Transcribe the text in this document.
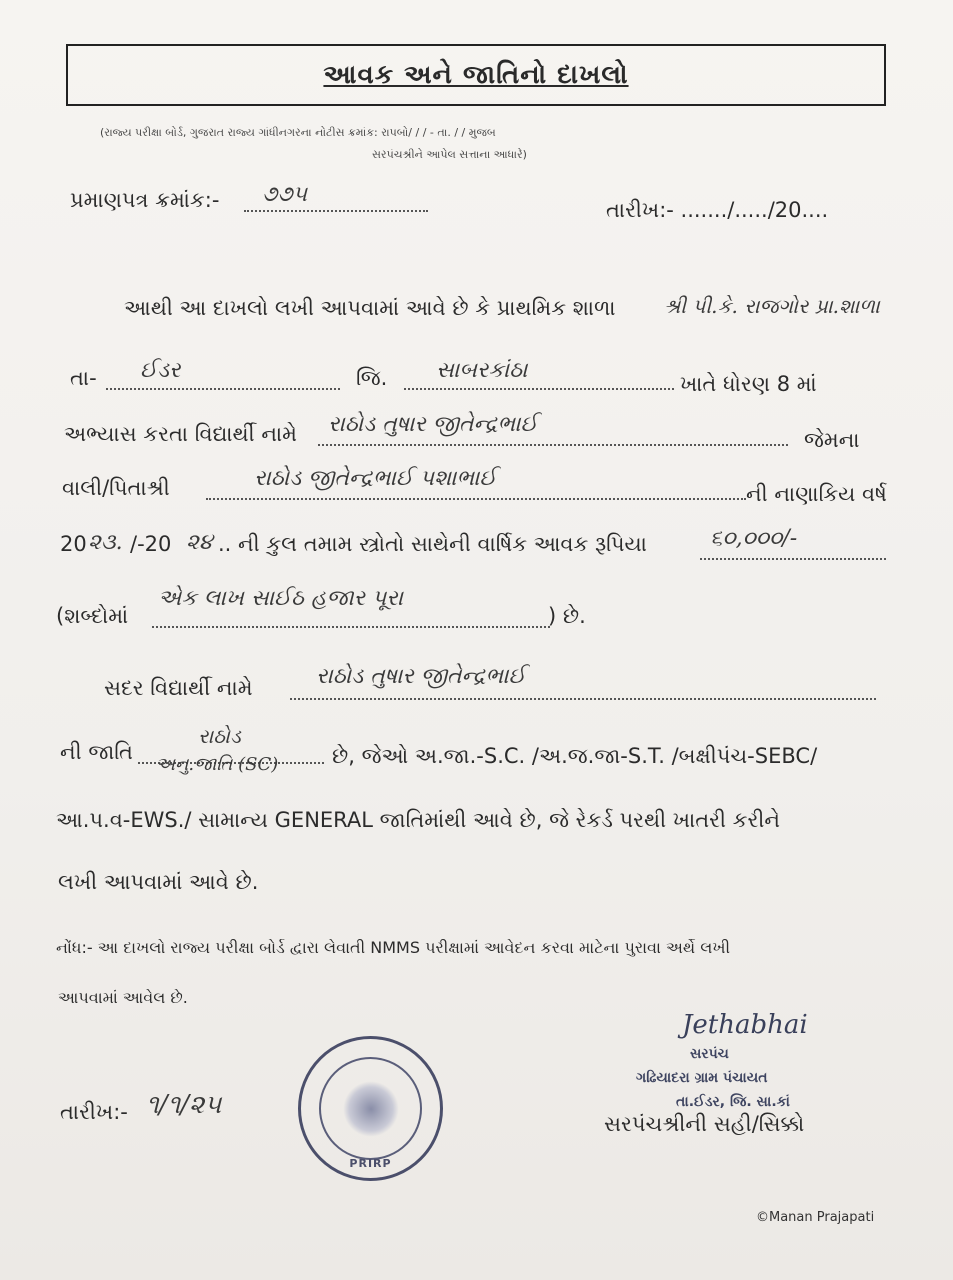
આવક અને જાતિનો દાખલો
(રાજ્ય પરીક્ષા બોર્ડ, ગુજરાત રાજ્ય ગાંધીનગરના નોટીસ ક્રમાંક: રાપબો/ / / - તા. / / મુજબ
સરપંચશ્રીને આપેલ સત્તાના આધારે)
પ્રમાણપત્ર ક્રમાંક:- ૭૭૫
તારીખ:- ......./...../20....
આથી આ દાખલો લખી આપવામાં આવે છે કે પ્રાથમિક શાળા શ્રી પી.કે. રાજગોર પ્રા.શાળા
તા- ઈડર	જિ. સાબરકાંઠા
ખાતે ધોરણ 8 માં
અભ્યાસ કરતા વિદ્યાર્થી નામે રાઠોડ તુષાર જીતેન્દ્રભાઈ
જેમના
વાલી/પિતાશ્રી	રાઠોડ જીતેન્દ્રભાઈ પશાભાઈ
ની નાણાકિય વર્ષ
20 ૨૩. /-20 ૨૪ .. ની કુલ તમામ સ્ત્રોતો સાથેની વાર્ષિક આવક રૂપિયા	૬૦,૦૦૦/-
(શબ્દોમાં
એક લાખ સાઈઠ હજાર પૂરા
) છે.
સદર વિદ્યાર્થી નામે	રાઠોડ તુષાર જીતેન્દ્રભાઈ
ની જાતિ
રાઠોડ
અનુ.જાતિ (SC)	છે, જેઓ અ.જા.-S.C. /અ.જ.જા-S.T. /બક્ષીપંચ-SEBC/
આ.પ.વ-EWS./ સામાન્ય GENERAL જાતિમાંથી આવે છે, જે રેકર્ડ પરથી ખાતરી કરીને
લખી આપવામાં આવે છે.
નોંધ:- આ દાખલો રાજ્ય પરીક્ષા બોર્ડ દ્વારા લેવાતી NMMS પરીક્ષામાં આવેદન કરવા માટેના પુરાવા અર્થે લખી
આપવામાં આવેલ છે.
તારીખ:- ૧/૧/૨૫
PRIRP
Jethabhai
સરપંચ
ગઢિયાદરા ગ્રામ પંચાયત
તા.ઈડર, જિ. સા.કાં
સરપંચશ્રીની સહી/સિક્કો
©Manan Prajapati
